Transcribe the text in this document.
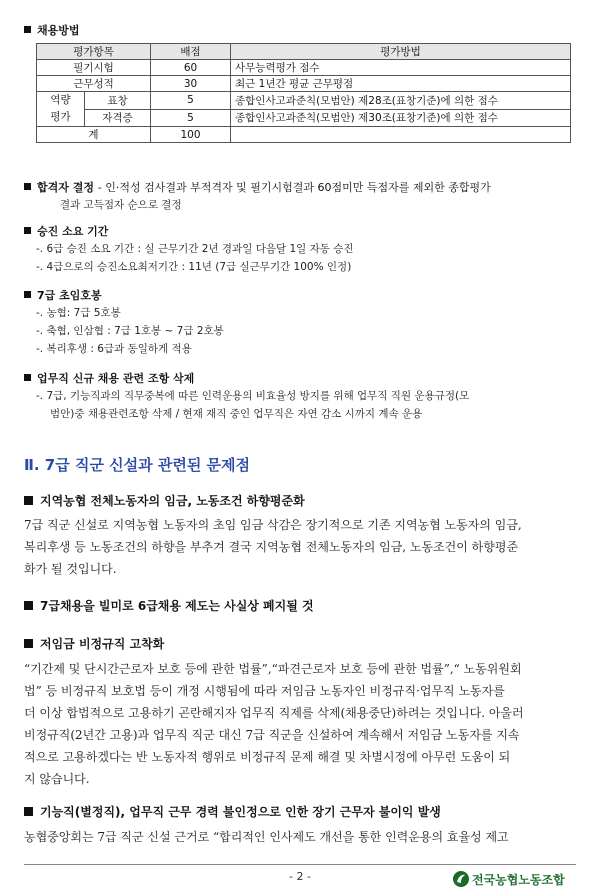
채용방법
평가항목		배점	평가방법
필기시험		60	사무능력평가 점수
근무성적		30	최근 1년간 평균 근무평점

역량
평가	표창	5	종합인사고과준칙(모범안) 제28조(표창기준)에 의한 점수
	자격증	5	종합인사고과준칙(모범안) 제30조(표창기준)에 의한 점수
계		100	
합격자 결정 - 인·적성 검사결과 부적격자 및 필기시험결과 60점미만 득점자를 제외한 종합평가
결과 고득점자 순으로 결정
승진 소요 기간
-. 6급 승진 소요 기간 : 실 근무기간 2년 경과일 다음달 1일 자동 승진
-. 4급으로의 승진소요최저기간 : 11년 (7급 실근무기간 100% 인정)
7급 초임호봉
-. 농협: 7급 5호봉
-. 축협, 인삼협 : 7급 1호봉 ~ 7급 2호봉
-. 복리후생 : 6급과 동일하게 적용
업무직 신규 채용 관련 조항 삭제
-. 7급, 기능직과의 직무중복에 따른 인력운용의 비효율성 방지를 위해 업무직 직원 운용규정(모
범안)중 채용관련조항 삭제 / 현재 재직 중인 업무직은 자연 감소 시까지 계속 운용
Ⅱ. 7급 직군 신설과 관련된 문제점
지역농협 전체노동자의 임금, 노동조건 하향평준화
7급 직군 신설로 지역농협 노동자의 초임 임금 삭감은 장기적으로 기존 지역농협 노동자의 임금,
복리후생 등 노동조건의 하향을 부추겨 결국 지역농협 전체노동자의 임금, 노동조건이 하향평준
화가 될 것입니다.
7급채용을 빌미로 6급채용 제도는 사실상 폐지될 것
저임금 비정규직 고착화
“기간제 및 단시간근로자 보호 등에 관한 법률”,“파견근로자 보호 등에 관한 법률”,“ 노동위원회
법” 등 비정규직 보호법 등이 개정 시행됨에 따라 저임금 노동자인 비정규직·업무직 노동자를
더 이상 합법적으로 고용하기 곤란해지자 업무직 직제를 삭제(채용중단)하려는 것입니다. 아울러
비정규직(2년간 고용)과 업무직 직군 대신 7급 직군을 신설하여 계속해서 저임금 노동자를 지속
적으로 고용하겠다는 반 노동자적 행위로 비정규직 문제 해결 및 차별시정에 아무런 도움이 되
지 않습니다.
기능직(별정직), 업무직 근무 경력 불인정으로 인한 장기 근무자 불이익 발생
농협중앙회는 7급 직군 신설 근거로 “합리적인 인사제도 개선을 통한 인력운용의 효율성 제고
- 2 -	전국농협노동조합
